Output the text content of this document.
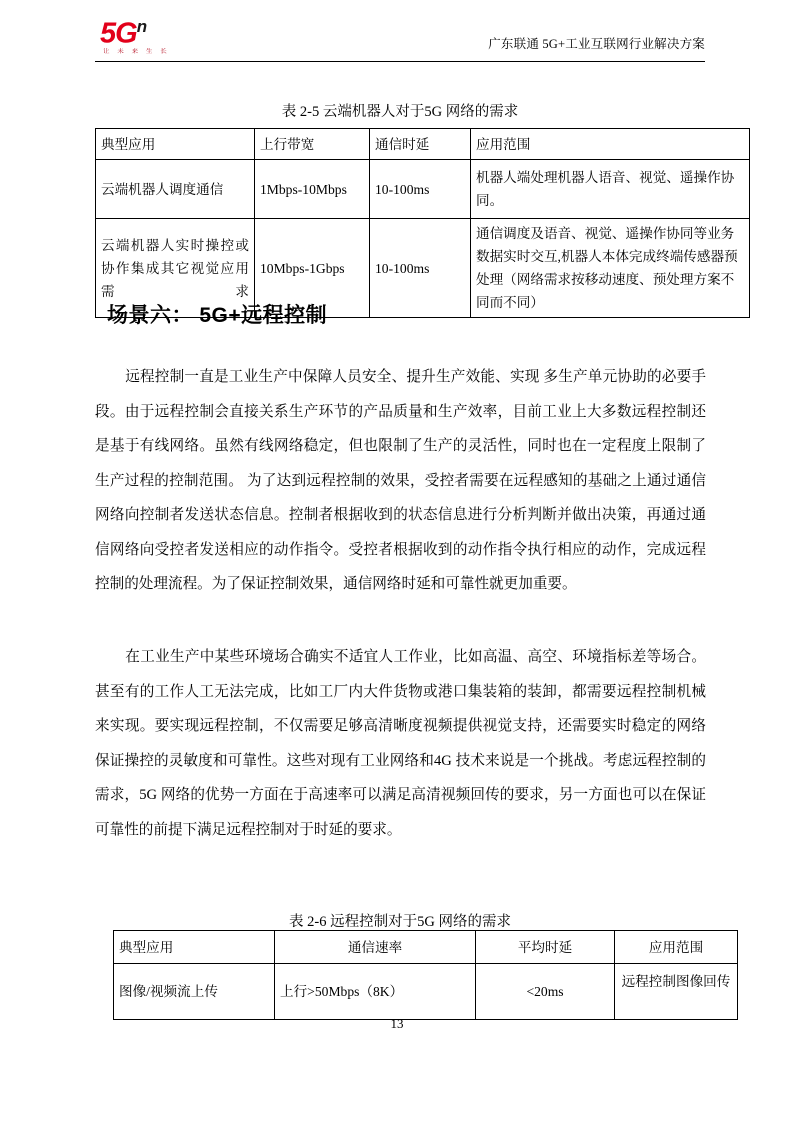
$5G^n$
让 未 来 生 长
广东联通 5G+工业互联网行业解决方案
表 2-5 云端机器人对于5G 网络的需求
典型应用	上行带宽	通信时延	应用范围
云端机器人调度通信	1Mbps-10Mbps	10-100ms	机器人端处理机器人语音、视觉、遥操作协同。
云端机器人实时操控或协作集成其它视觉应用需求	10Mbps-1Gbps	10-100ms	通信调度及语音、视觉、遥操作协同等业务数据实时交互,机器人本体完成终端传感器预处理（网络需求按移动速度、预处理方案不同而不同）
场景六： 5G+远程控制

远程控制一直是工业生产中保障人员安全、提升生产效能、实现 多生产单元协助的必要手段。由于远程控制会直接关系生产环节的产品质量和生产效率，目前工业上大多数远程控制还是基于有线网络。虽然有线网络稳定，但也限制了生产的灵活性，同时也在一定程度上限制了生产过程的控制范围。 为了达到远程控制的效果，受控者需要在远程感知的基础之上通过通信网络向控制者发送状态信息。控制者根据收到的状态信息进行分析判断并做出决策，再通过通信网络向受控者发送相应的动作指令。受控者根据收到的动作指令执行相应的动作，完成远程控制的处理流程。为了保证控制效果，通信网络时延和可靠性就更加重要。

在工业生产中某些环境场合确实不适宜人工作业，比如高温、高空、环境指标差等场合。甚至有的工作人工无法完成，比如工厂内大件货物或港口集装箱的装卸，都需要远程控制机械来实现。要实现远程控制，不仅需要足够高清晰度视频提供视觉支持，还需要实时稳定的网络保证操控的灵敏度和可靠性。这些对现有工业网络和4G 技术来说是一个挑战。考虑远程控制的需求，5G 网络的优势一方面在于高速率可以满足高清视频回传的要求，另一方面也可以在保证可靠性的前提下满足远程控制对于时延的要求。

表 2-6 远程控制对于5G 网络的需求
典型应用	通信速率	平均时延	应用范围
图像/视频流上传	上行>50Mbps（8K）	<20ms	远程控制图像回传
13
